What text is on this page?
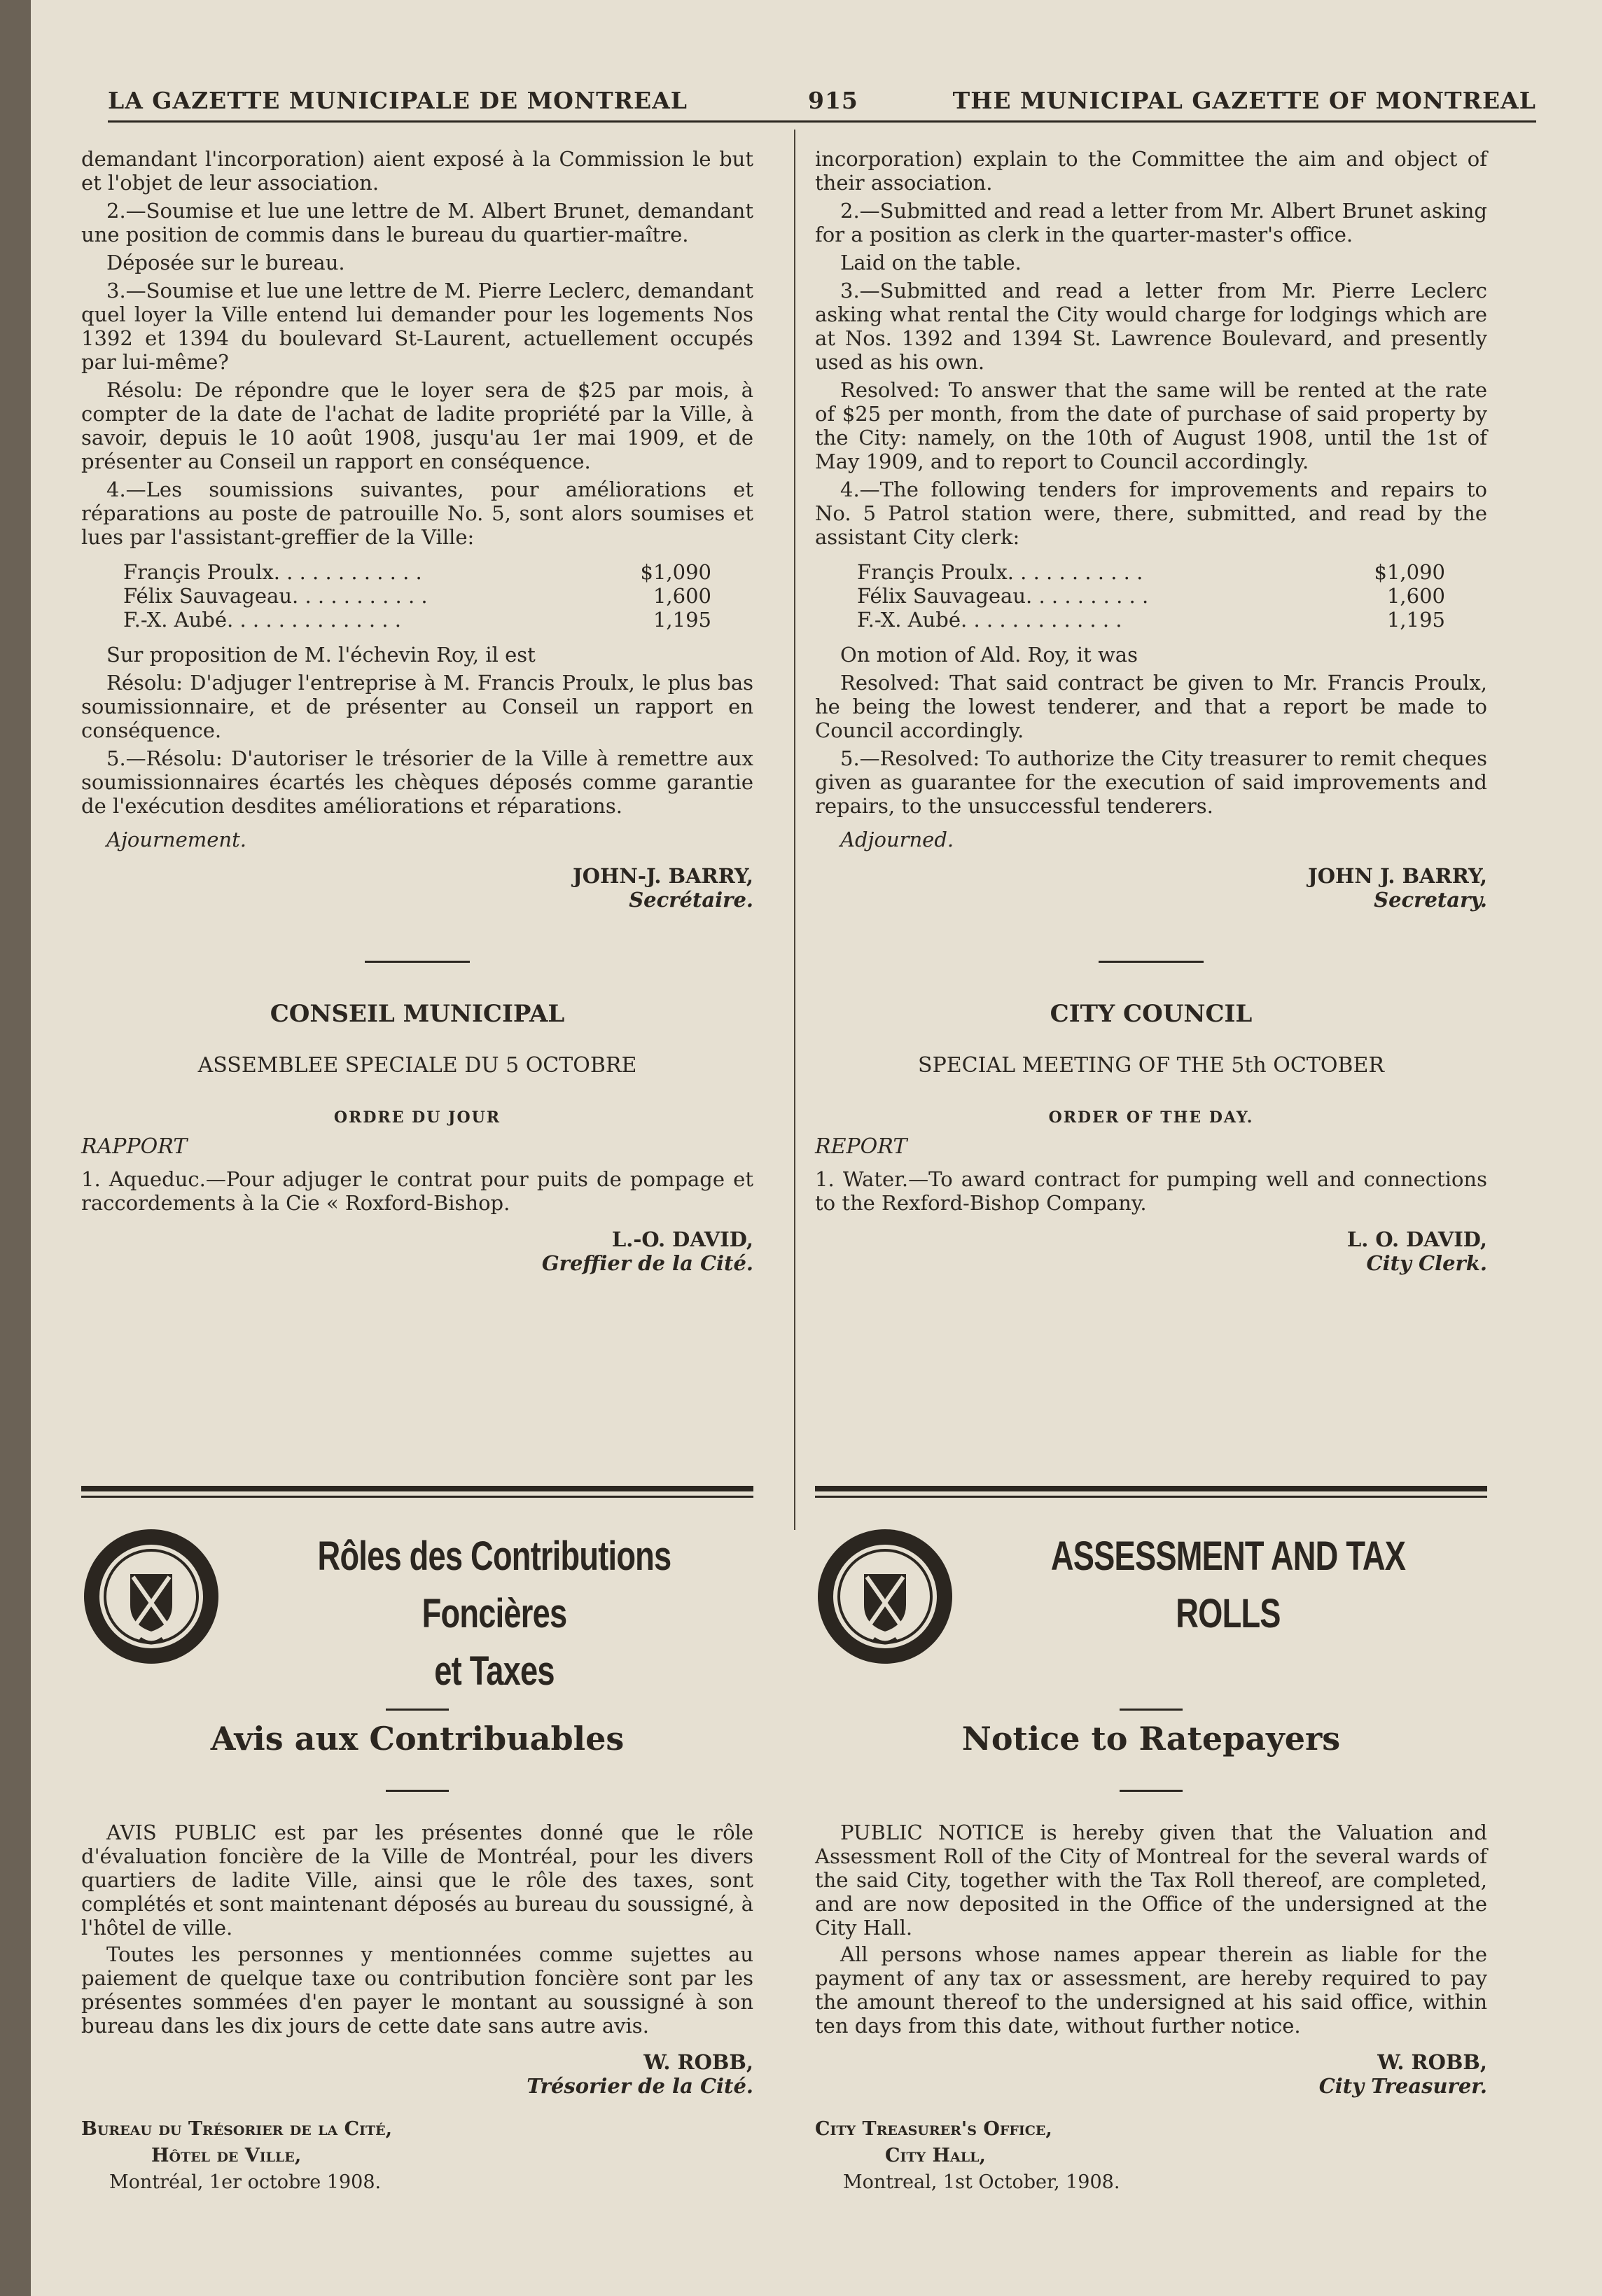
LA GAZETTE MUNICIPALE DE MONTREAL	915	THE MUNICIPAL GAZETTE OF MONTREAL

demandant l'incorporation) aient exposé à la Commission le but et l'objet de leur association.

2.—Soumise et lue une lettre de M. Albert Brunet, demandant une position de commis dans le bureau du quartier-maître.

Déposée sur le bureau.

3.—Soumise et lue une lettre de M. Pierre Leclerc, demandant quel loyer la Ville entend lui demander pour les logements Nos 1392 et 1394 du boulevard St-Laurent, actuellement occupés par lui-même?

Résolu: De répondre que le loyer sera de $25 par mois, à compter de la date de l'achat de ladite propriété par la Ville, à savoir, depuis le 10 août 1908, jusqu'au 1er mai 1909, et de présenter au Conseil un rapport en conséquence.

4.—Les soumissions suivantes, pour améliorations et réparations au poste de patrouille No. 5, sont alors soumises et lues par l'assistant-greffier de la Ville:

Françis Proulx. . . . . . . . . . . .	$1,090
Félix Sauvageau. . . . . . . . . . .	1,600
F.-X. Aubé. . . . . . . . . . . . . .	1,195

Sur proposition de M. l'échevin Roy, il est

Résolu: D'adjuger l'entreprise à M. Francis Proulx, le plus bas soumissionnaire, et de présenter au Conseil un rapport en conséquence.

5.—Résolu: D'autoriser le trésorier de la Ville à remettre aux soumissionnaires écartés les chèques déposés comme garantie de l'exécution desdites améliorations et réparations.

Ajournement.

JOHN-J. BARRY,
Secrétaire.
CONSEIL MUNICIPAL
ASSEMBLEE SPECIALE DU 5 OCTOBRE
ORDRE DU JOUR
RAPPORT

1. Aqueduc.—Pour adjuger le contrat pour puits de pompage et raccordements à la Cie « Roxford-Bishop.

L.-O. DAVID,
Greffier de la Cité.

incorporation) explain to the Committee the aim and object of their association.

2.—Submitted and read a letter from Mr. Albert Brunet asking for a position as clerk in the quarter-master's office.

Laid on the table.

3.—Submitted and read a letter from Mr. Pierre Leclerc asking what rental the City would charge for lodgings which are at Nos. 1392 and 1394 St. Lawrence Boulevard, and presently used as his own.

Resolved: To answer that the same will be rented at the rate of $25 per month, from the date of purchase of said property by the City: namely, on the 10th of August 1908, until the 1st of May 1909, and to report to Council accordingly.

4.—The following tenders for improvements and repairs to No. 5 Patrol station were, there, submitted, and read by the assistant City clerk:

Françis Proulx. . . . . . . . . . .	$1,090
Félix Sauvageau. . . . . . . . . .	1,600
F.-X. Aubé. . . . . . . . . . . . .	1,195

On motion of Ald. Roy, it was

Resolved: That said contract be given to Mr. Francis Proulx, he being the lowest tenderer, and that a report be made to Council accordingly.

5.—Resolved: To authorize the City treasurer to remit cheques given as guarantee for the execution of said improvements and repairs, to the unsuccessful tenderers.

Adjourned.

JOHN J. BARRY,
Secretary.
CITY COUNCIL
SPECIAL MEETING OF THE 5th OCTOBER
ORDER OF THE DAY.
REPORT

1. Water.—To award contract for pumping well and connections to the Rexford-Bishop Company.

L. O. DAVID,
City Clerk.
Rôles des Contributions Foncières
et Taxes
Avis aux Contribuables

AVIS PUBLIC est par les présentes donné que le rôle d'évaluation foncière de la Ville de Montréal, pour les divers quartiers de ladite Ville, ainsi que le rôle des taxes, sont complétés et sont maintenant déposés au bureau du soussigné, à l'hôtel de ville.

Toutes les personnes y mentionnées comme sujettes au paiement de quelque taxe ou contribution foncière sont par les présentes sommées d'en payer le montant au soussigné à son bureau dans les dix jours de cette date sans autre avis.

W. ROBB,
Trésorier de la Cité.
Bureau du Trésorier de la Cité,
Hôtel de Ville,
Montréal, 1er octobre 1908.
ASSESSMENT AND TAX
ROLLS
Notice to Ratepayers

PUBLIC NOTICE is hereby given that the Valuation and Assessment Roll of the City of Montreal for the several wards of the said City, together with the Tax Roll thereof, are completed, and are now deposited in the Office of the undersigned at the City Hall.

All persons whose names appear therein as liable for the payment of any tax or assessment, are hereby required to pay the amount thereof to the undersigned at his said office, within ten days from this date, without further notice.

W. ROBB,
City Treasurer.
City Treasurer's Office,
City Hall,
Montreal, 1st October, 1908.
